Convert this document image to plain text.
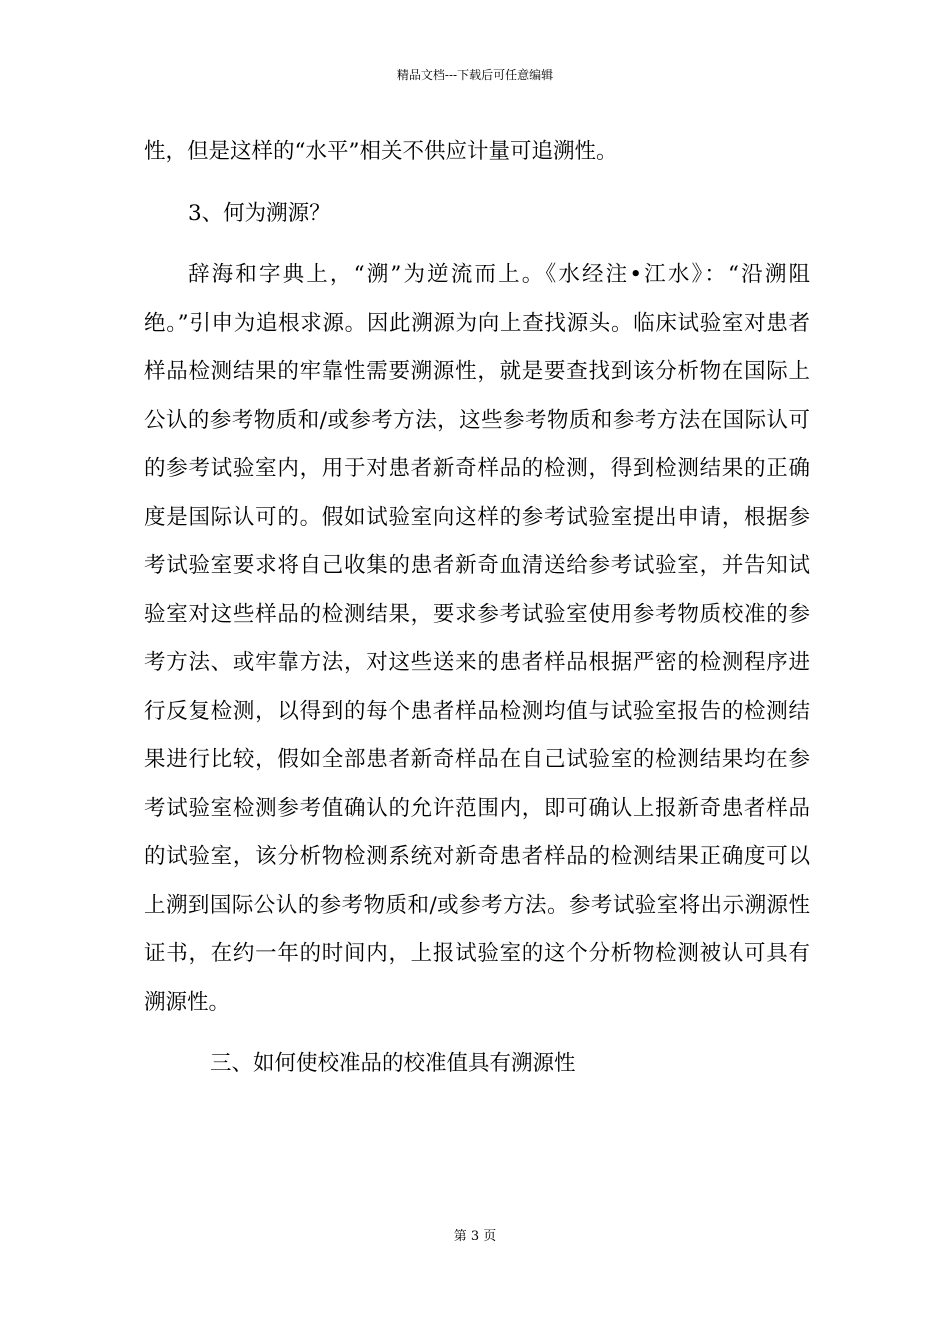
精品文档---下载后可任意编辑

性，但是这样的“水平”相关不供应计量可追溯性。

3、何为溯源？

辞海和字典上，“溯”为逆流而上。《水经注•江水》：“沿溯阻绝。”引申为追根求源。因此溯源为向上查找源头。临床试验室对患者样品检测结果的牢靠性需要溯源性，就是要查找到该分析物在国际上公认的参考物质和/或参考方法，这些参考物质和参考方法在国际认可的参考试验室内，用于对患者新奇样品的检测，得到检测结果的正确度是国际认可的。假如试验室向这样的参考试验室提出申请，根据参考试验室要求将自己收集的患者新奇血清送给参考试验室，并告知试验室对这些样品的检测结果，要求参考试验室使用参考物质校准的参考方法、或牢靠方法，对这些送来的患者样品根据严密的检测程序进行反复检测，以得到的每个患者样品检测均值与试验室报告的检测结果进行比较，假如全部患者新奇样品在自己试验室的检测结果均在参考试验室检测参考值确认的允许范围内，即可确认上报新奇患者样品的试验室，该分析物检测系统对新奇患者样品的检测结果正确度可以上溯到国际公认的参考物质和/或参考方法。参考试验室将出示溯源性证书，在约一年的时间内，上报试验室的这个分析物检测被认可具有溯源性。

三、如何使校准品的校准值具有溯源性

第 3 页
